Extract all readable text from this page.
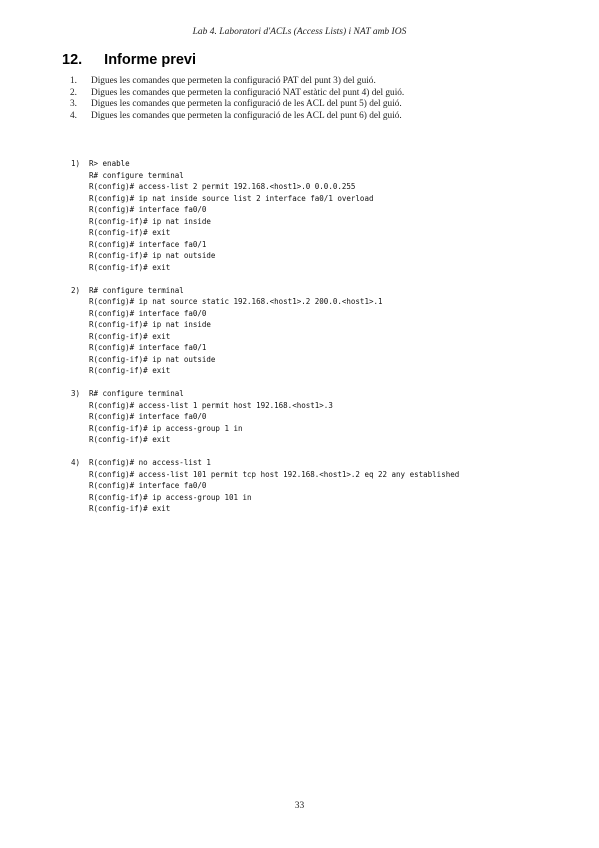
Lab 4. Laboratori d'ACLs (Access Lists) i NAT amb IOS
12. Informe previ
1.	Digues les comandes que permeten la configuració PAT del punt 3) del guió.
2.	Digues les comandes que permeten la configuració NAT estàtic del punt 4) del guió.
3.	Digues les comandes que permeten la configuració de les ACL del punt 5) del guió.
4.	Digues les comandes que permeten la configuració de les ACL del punt 6) del guió.
1)	R> enable
R# configure terminal
R(config)# access-list 2 permit 192.168.<host1>.0 0.0.0.255
R(config)# ip nat inside source list 2 interface fa0/1 overload
R(config)# interface fa0/0
R(config-if)# ip nat inside
R(config-if)# exit
R(config)# interface fa0/1
R(config-if)# ip nat outside
R(config-if)# exit
2)	R# configure terminal
R(config)# ip nat source static 192.168.<host1>.2 200.0.<host1>.1
R(config)# interface fa0/0
R(config-if)# ip nat inside
R(config-if)# exit
R(config)# interface fa0/1
R(config-if)# ip nat outside
R(config-if)# exit
3)	R# configure terminal
R(config)# access-list 1 permit host 192.168.<host1>.3
R(config)# interface fa0/0
R(config-if)# ip access-group 1 in
R(config-if)# exit
4)	R(config)# no access-list 1
R(config)# access-list 101 permit tcp host 192.168.<host1>.2 eq 22 any established
R(config)# interface fa0/0
R(config-if)# ip access-group 101 in
R(config-if)# exit
33
